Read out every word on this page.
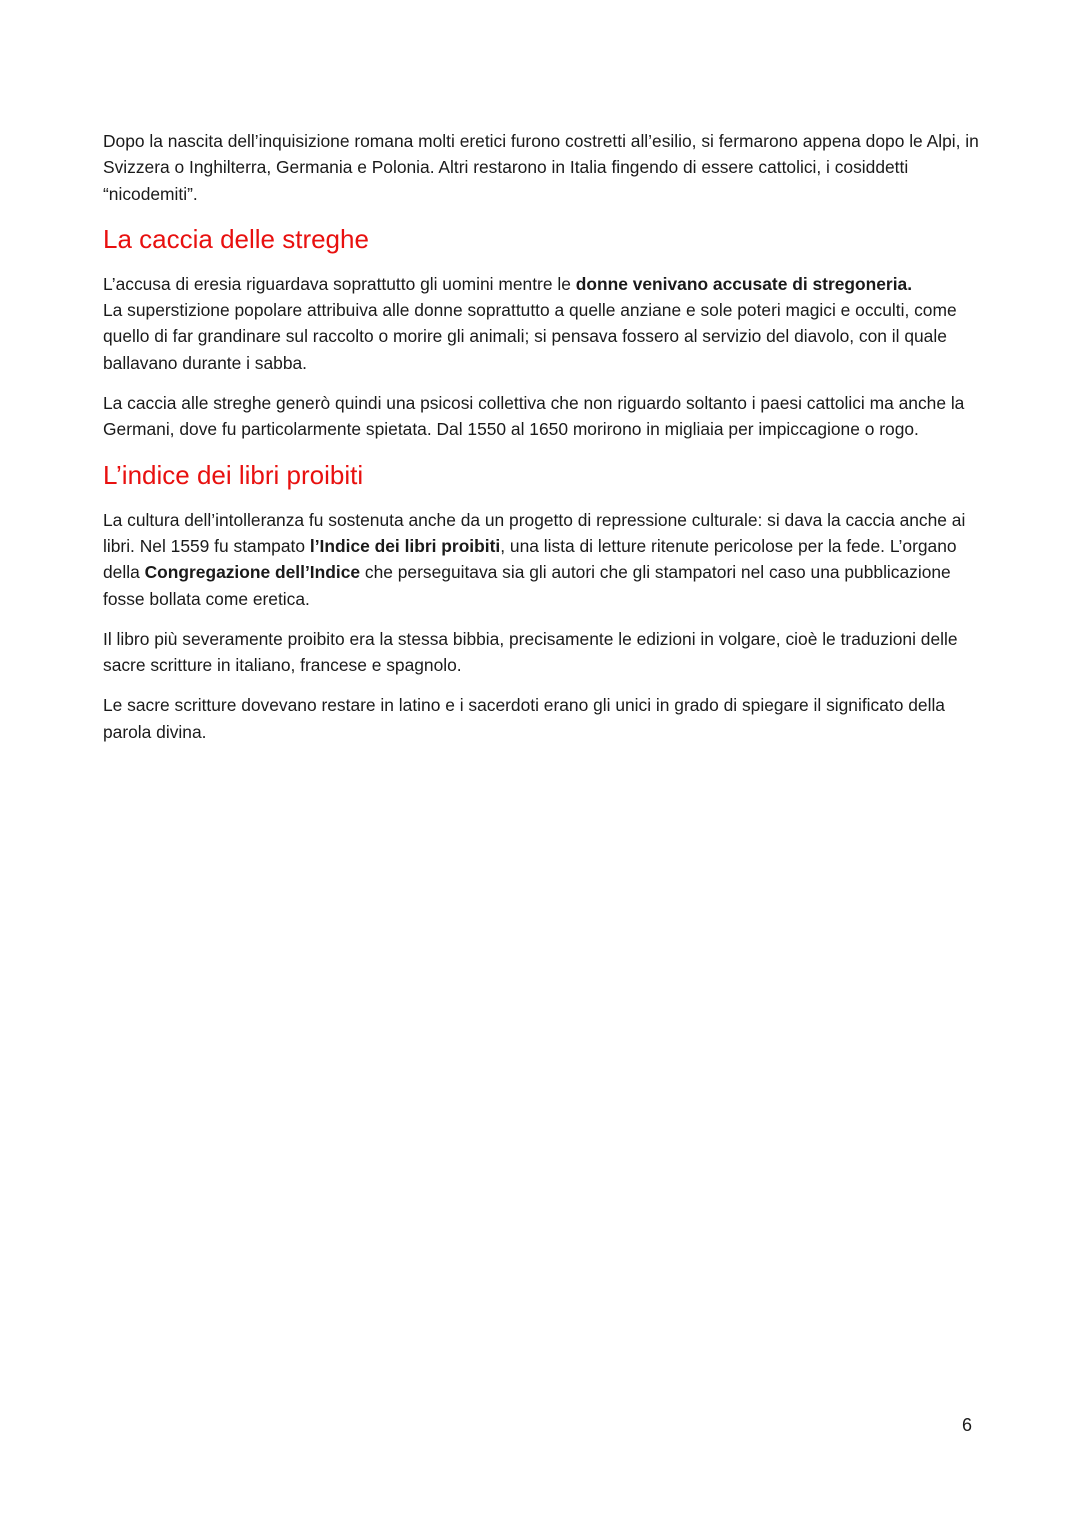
Dopo la nascita dell’inquisizione romana molti eretici furono costretti all’esilio, si fermarono appena dopo le Alpi, in Svizzera o Inghilterra, Germania e Polonia. Altri restarono in Italia fingendo di essere cattolici, i cosiddetti “nicodemiti”.

La caccia delle streghe

L’accusa di eresia riguardava soprattutto gli uomini mentre le donne venivano accusate di stregoneria.
La superstizione popolare attribuiva alle donne soprattutto a quelle anziane e sole poteri magici e occulti, come quello di far grandinare sul raccolto o morire gli animali; si pensava fossero al servizio del diavolo, con il quale ballavano durante i sabba.

La caccia alle streghe generò quindi una psicosi collettiva che non riguardo soltanto i paesi cattolici ma anche la Germani, dove fu particolarmente spietata. Dal 1550 al 1650 morirono in migliaia per impiccagione o rogo.

L’indice dei libri proibiti

La cultura dell’intolleranza fu sostenuta anche da un progetto di repressione culturale: si dava la caccia anche ai libri. Nel 1559 fu stampato l’Indice dei libri proibiti, una lista di letture ritenute pericolose per la fede. L’organo della Congregazione dell’Indice che perseguitava sia gli autori che gli stampatori nel caso una pubblicazione fosse bollata come eretica.

Il libro più severamente proibito era la stessa bibbia, precisamente le edizioni in volgare, cioè le traduzioni delle sacre scritture in italiano, francese e spagnolo.

Le sacre scritture dovevano restare in latino e i sacerdoti erano gli unici in grado di spiegare il significato della parola divina.

6
